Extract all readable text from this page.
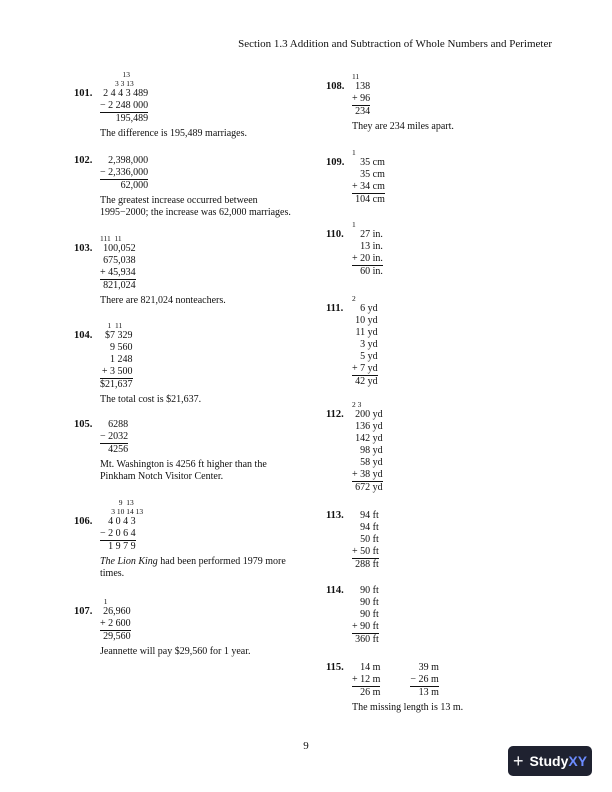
Section 1.3 Addition and Subtraction of Whole Numbers and Perimeter
101.
13
3 3 13
2 4 4 3 489
− 2 248 000
195,489
The difference is 195,489 marriages.
102.	2,398,000
− 2,336,000
62,000
The greatest increase occurred between 1995−2000; the increase was 62,000 marriages.
103.
111  11
100,052
675,038
+ 45,934
821,024
There are 821,024 nonteachers.
104.
1  11
$7 329
9 560
1 248
+ 3 500
$21,637
The total cost is $21,637.
105.	6288
− 2032
4256
Mt. Washington is 4256 ft higher than the Pinkham Notch Visitor Center.
106.
9  13
3 10 14 13
4 0 4 3
− 2 0 6 4
1 9 7 9
The Lion King had been performed 1979 more times.
107.
1
26,960
+ 2 600
29,560
Jeannette will pay $29,560 for 1 year.
108.
11
138
+ 96
234
They are 234 miles apart.
109.
1
35 cm
35 cm
+ 34 cm
104 cm
110.
1
27 in.
13 in.
+ 20 in.
60 in.
111.
2
6 yd
10 yd
11 yd
3 yd
5 yd
+ 7 yd
42 yd
112.
2 3
200 yd
136 yd
142 yd
98 yd
58 yd
+ 38 yd
672 yd
113.	94 ft
94 ft
50 ft
+ 50 ft
288 ft
114.	90 ft
90 ft
90 ft
+ 90 ft
360 ft
115.	14 m
+ 12 m
26 m
39 m
− 26 m
13 m
The missing length is 13 m.
9
+ StudyXY
